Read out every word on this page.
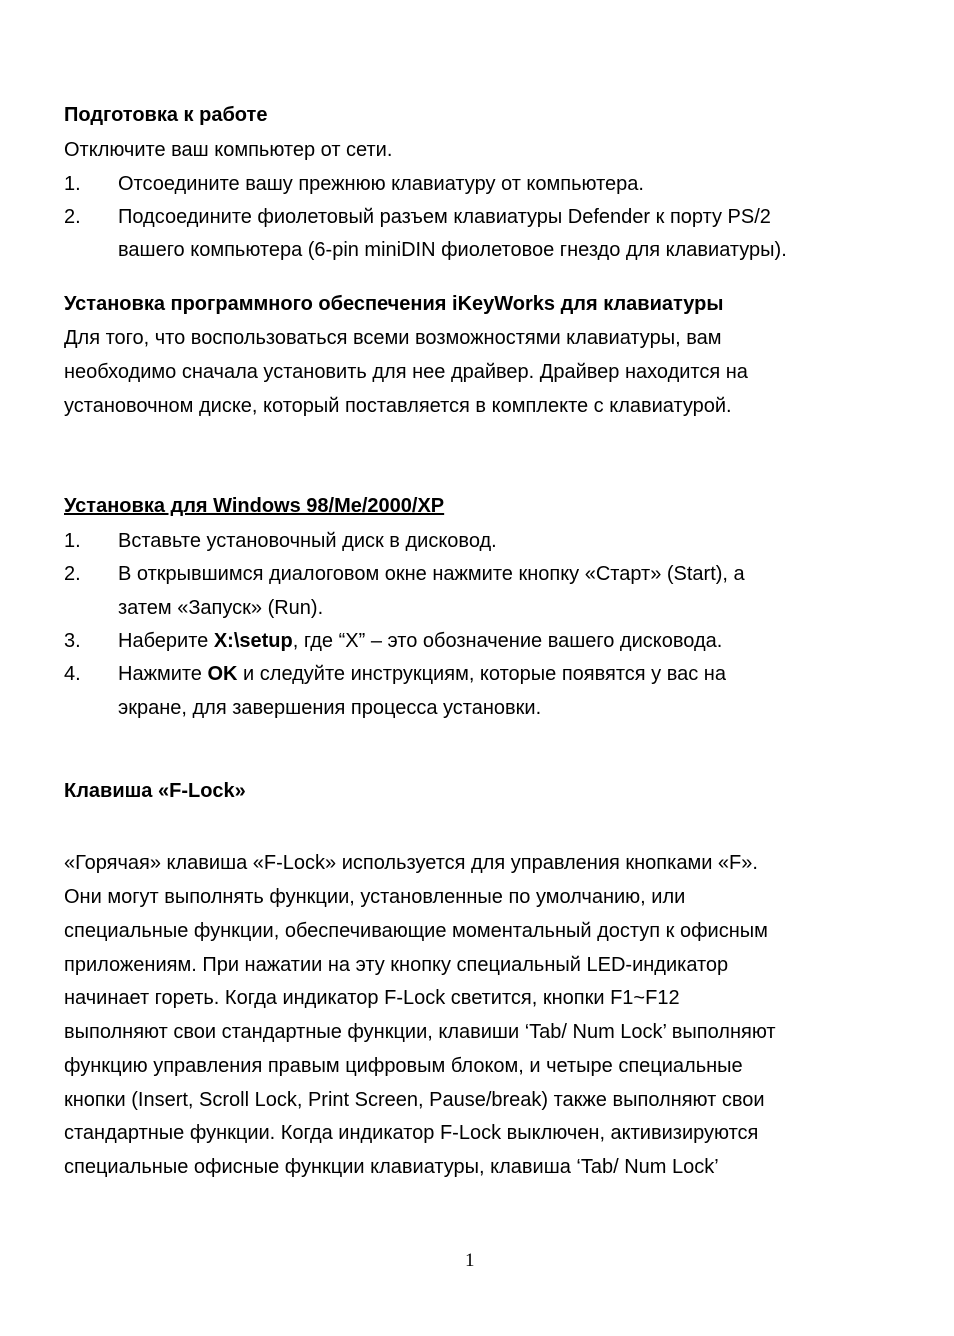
Подготовка к работе
Отключите ваш компьютер от сети.
1. Отсоедините вашу прежнюю клавиатуру от компьютера.
2. Подсоедините фиолетовый разъем клавиатуры Defender к порту PS/2
вашего компьютера (6-pin miniDIN фиолетовое гнездо для клавиатуры).
Установка программного обеспечения iKeyWorks для клавиатуры
Для того, что воспользоваться всеми возможностями клавиатуры, вам
необходимо сначала установить для нее драйвер. Драйвер находится на
установочном диске, который поставляется в комплекте с клавиатурой.
Установка для Windows 98/Me/2000/XP
1. Вставьте установочный диск в дисковод.
2. В открывшимся диалоговом окне нажмите кнопку «Старт» (Start), а
затем «Запуск» (Run).
3. Наберите X:\setup, где “X” – это обозначение вашего дисковода.
4. Нажмите OK и следуйте инструкциям, которые появятся у вас на
экране, для завершения процесса установки.
Клавиша «F-Lock»
«Горячая» клавиша «F-Lock» используется для управления кнопками «F».
Они могут выполнять функции, установленные по умолчанию, или
специальные функции, обеспечивающие моментальный доступ к офисным
приложениям. При нажатии на эту кнопку специальный LED-индикатор
начинает гореть. Когда индикатор F-Lock светится, кнопки F1~F12
выполняют свои стандартные функции, клавиши ‘Tab/ Num Lock’ выполняют
функцию управления правым цифровым блоком, и четыре специальные
кнопки (Insert, Scroll Lock, Print Screen, Pause/break) также выполняют свои
стандартные функции. Когда индикатор F-Lock выключен, активизируются
специальные офисные функции клавиатуры, клавиша ‘Tab/ Num Lock’
1
